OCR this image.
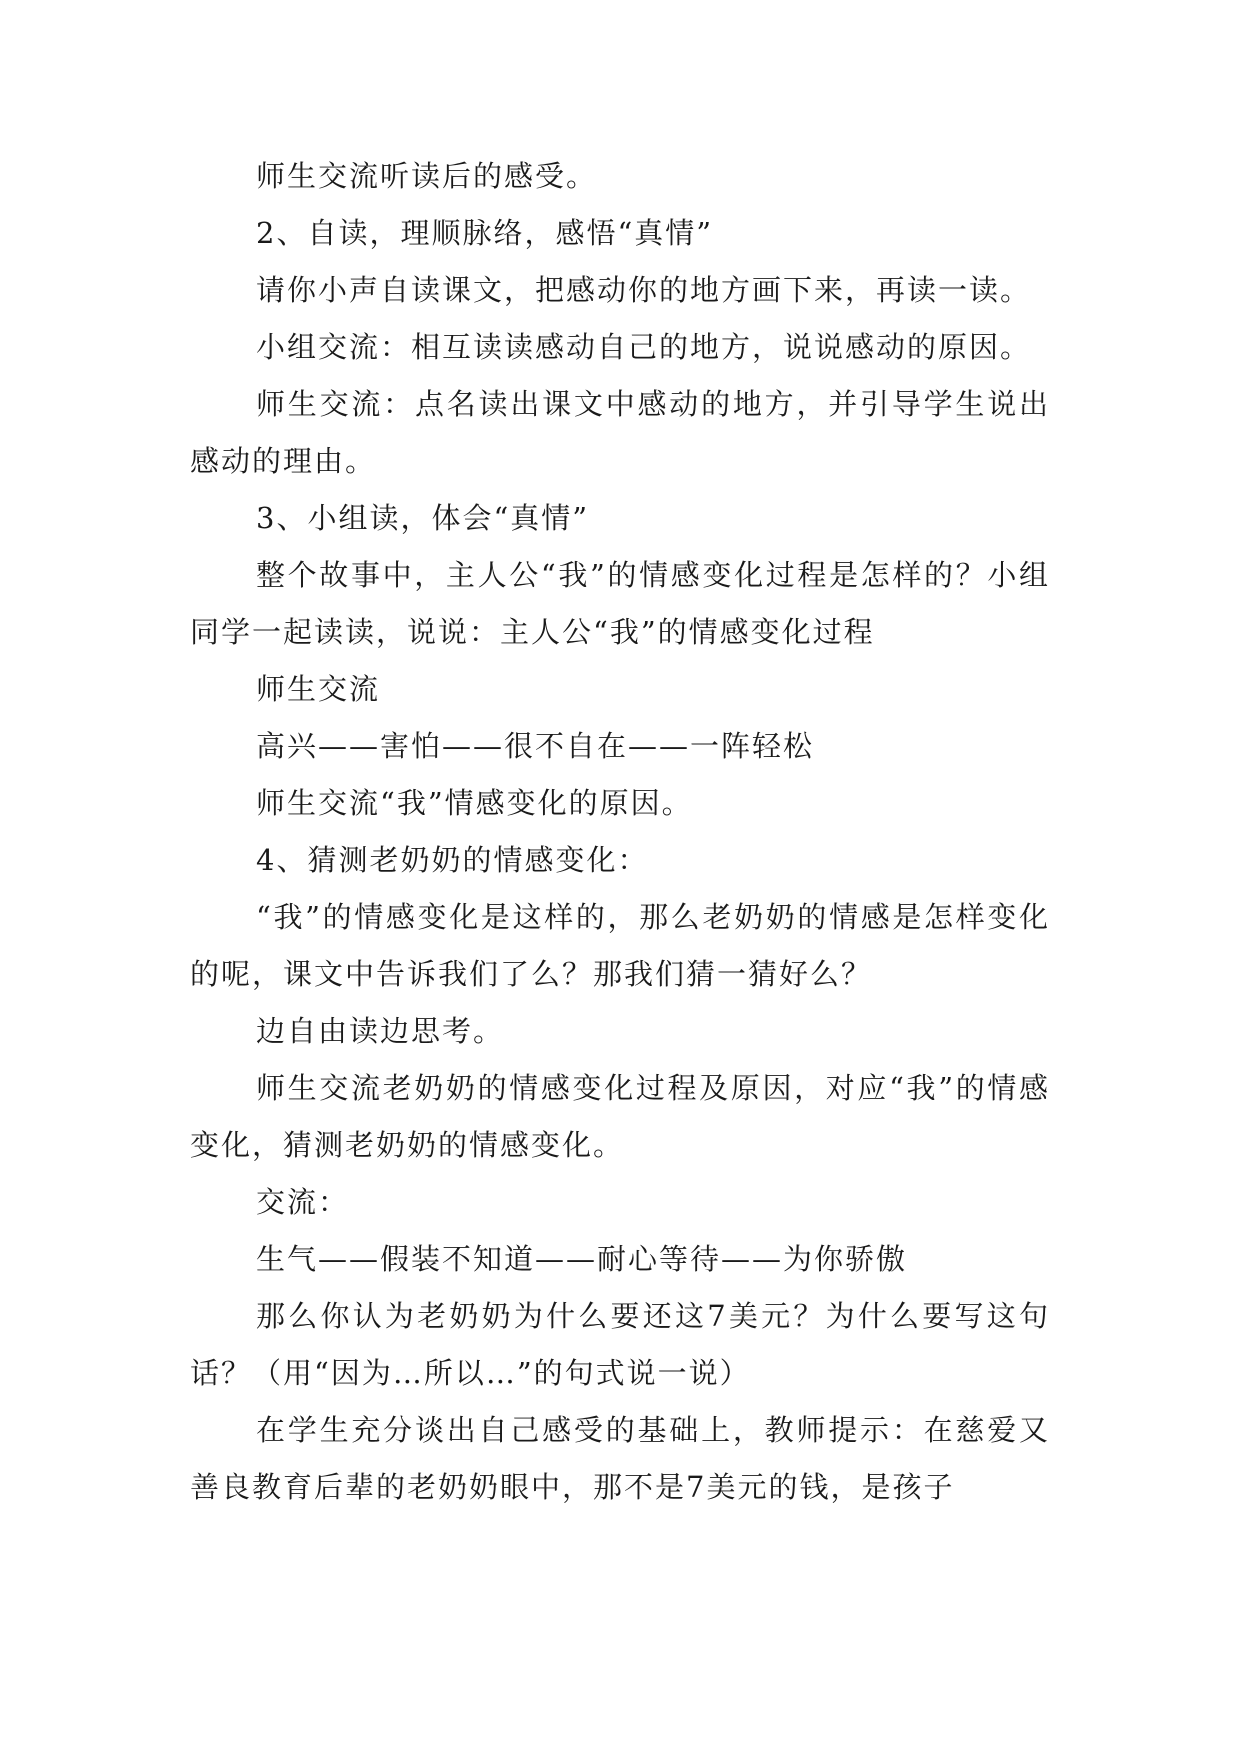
师生交流听读后的感受。

2、自读，理顺脉络，感悟“真情”

请你小声自读课文，把感动你的地方画下来，再读一读。

小组交流：相互读读感动自己的地方，说说感动的原因。

师生交流：点名读出课文中感动的地方，并引导学生说出感动的理由。

3、小组读，体会“真情”

整个故事中，主人公“我”的情感变化过程是怎样的？小组同学一起读读，说说：主人公“我”的情感变化过程

师生交流

高兴——害怕——很不自在——一阵轻松

师生交流“我”情感变化的原因。

4、猜测老奶奶的情感变化：

“我”的情感变化是这样的，那么老奶奶的情感是怎样变化的呢，课文中告诉我们了么？那我们猜一猜好么？

边自由读边思考。

师生交流老奶奶的情感变化过程及原因，对应“我”的情感变化，猜测老奶奶的情感变化。

交流：

生气——假装不知道——耐心等待——为你骄傲

那么你认为老奶奶为什么要还这7美元？为什么要写这句话？（用“因为…所以…”的句式说一说）

在学生充分谈出自己感受的基础上，教师提示：在慈爱又善良教育后辈的老奶奶眼中，那不是7美元的钱，是孩子
